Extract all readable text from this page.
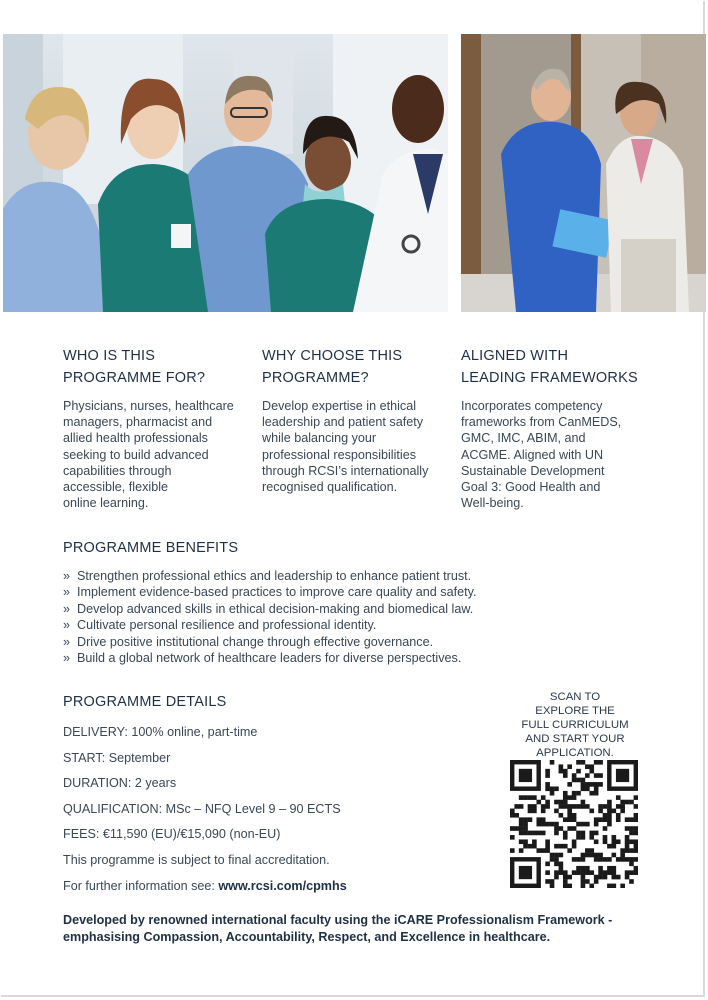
WHO IS THIS
PROGRAMME FOR?

Physicians, nurses, healthcare
managers, pharmacist and
allied health professionals
seeking to build advanced
capabilities through
accessible, flexible
online learning.

WHY CHOOSE THIS
PROGRAMME?

Develop expertise in ethical
leadership and patient safety
while balancing your
professional responsibilities
through RCSI’s internationally
recognised qualification.

ALIGNED WITH
LEADING FRAMEWORKS

Incorporates competency
frameworks from CanMEDS,
GMC, IMC, ABIM, and
ACGME. Aligned with UN
Sustainable Development
Goal 3: Good Health and
Well-being.

PROGRAMME BENEFITS
» Strengthen professional ethics and leadership to enhance patient trust.
» Implement evidence-based practices to improve care quality and safety.
» Develop advanced skills in ethical decision-making and biomedical law.
» Cultivate personal resilience and professional identity.
» Drive positive institutional change through effective governance.
» Build a global network of healthcare leaders for diverse perspectives.
PROGRAMME DETAILS
DELIVERY: 100% online, part-time
START: September
DURATION: 2 years
QUALIFICATION: MSc – NFQ Level 9 – 90 ECTS
FEES: €11,590 (EU)/€15,090 (non-EU)
This programme is subject to final accreditation.
For further information see: www.rcsi.com/cpmhs
SCAN TO
EXPLORE THE
FULL CURRICULUM
AND START YOUR
APPLICATION.
Developed by renowned international faculty using the iCARE Professionalism Framework -
emphasising Compassion, Accountability, Respect, and Excellence in healthcare.
